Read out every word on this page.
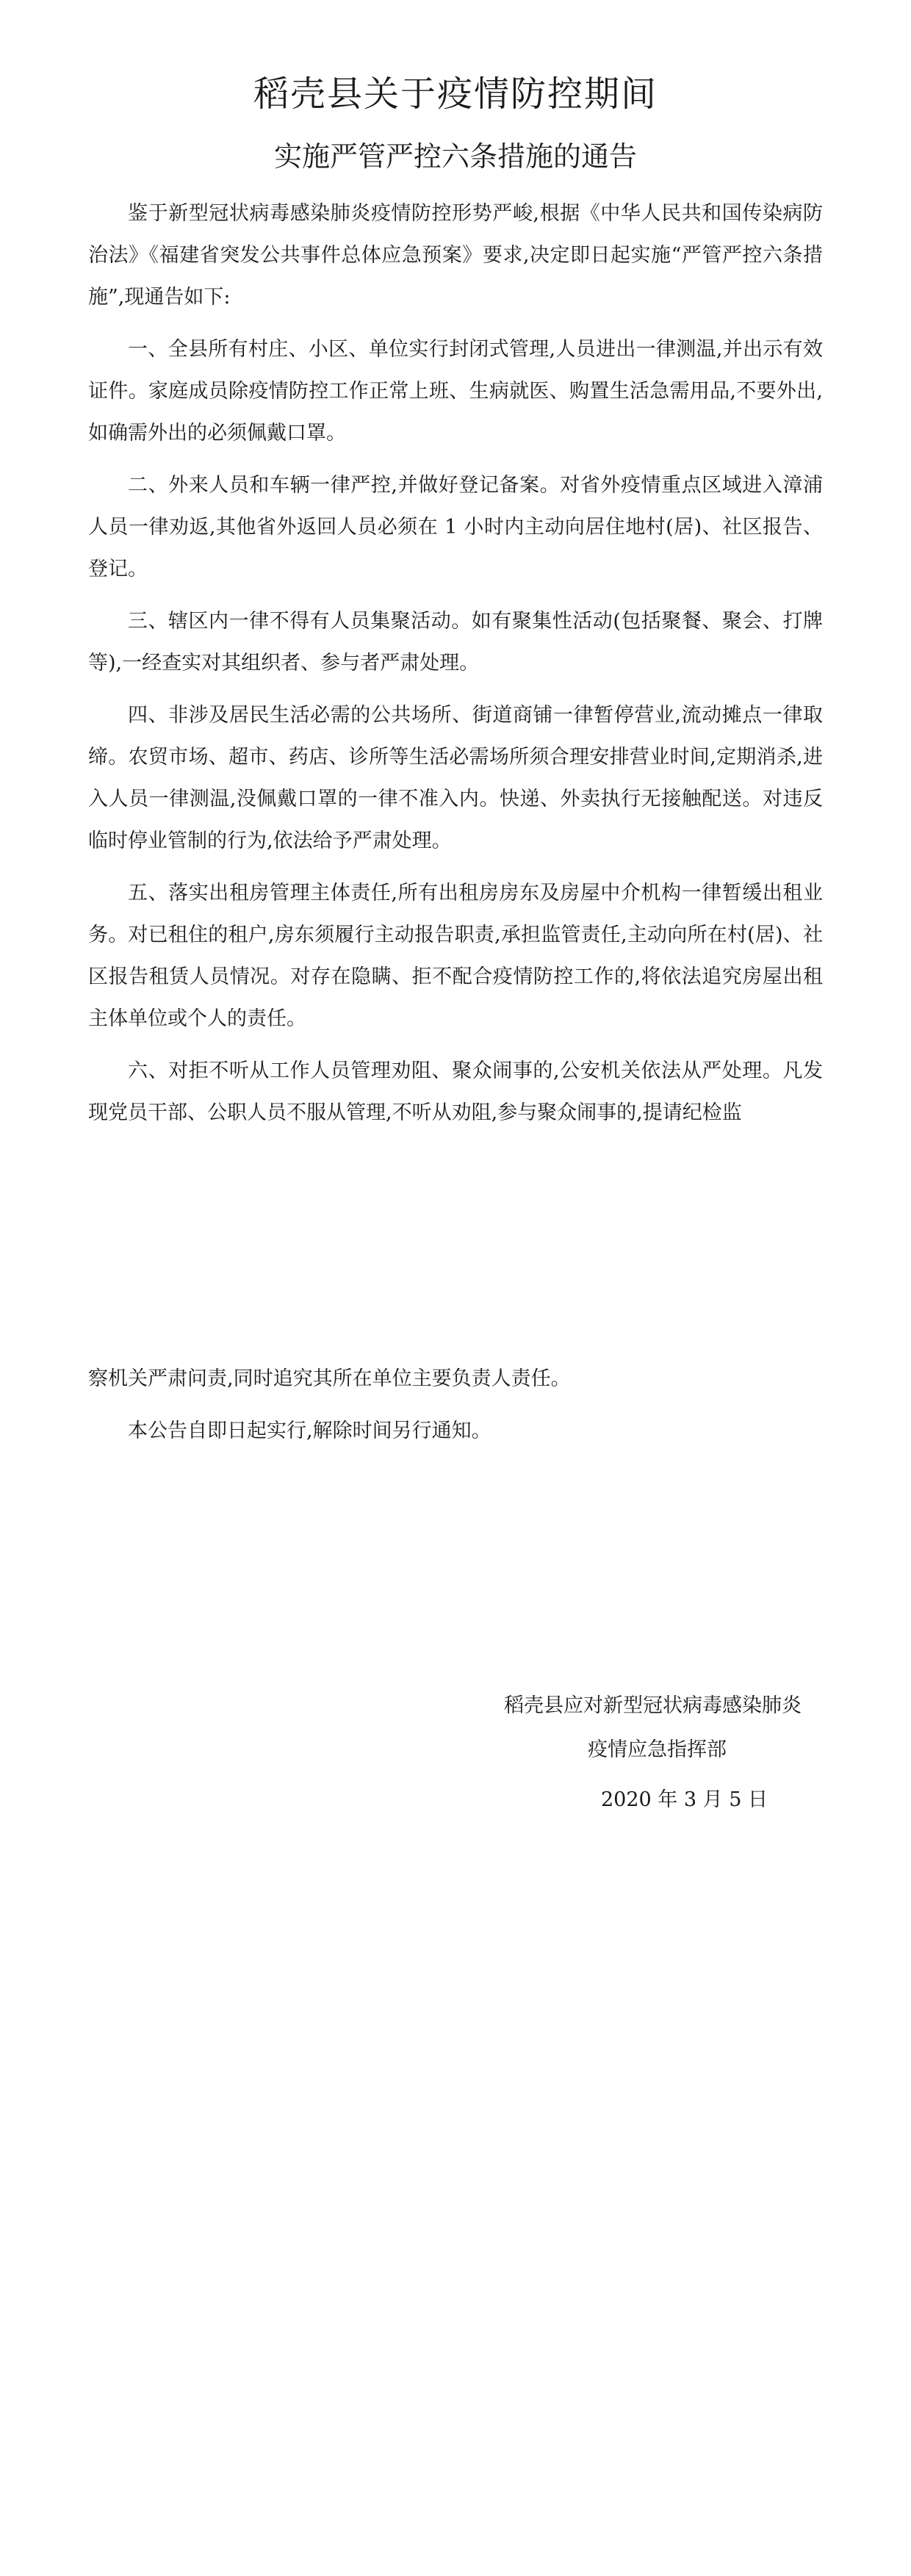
稻壳县关于疫情防控期间
实施严管严控六条措施的通告

鉴于新型冠状病毒感染肺炎疫情防控形势严峻,根据《中华人民共和国传染病防治法》《福建省突发公共事件总体应急预案》要求,决定即日起实施“严管严控六条措施”,现通告如下:

一、全县所有村庄、小区、单位实行封闭式管理,人员进出一律测温,并出示有效证件。家庭成员除疫情防控工作正常上班、生病就医、购置生活急需用品,不要外出,如确需外出的必须佩戴口罩。

二、外来人员和车辆一律严控,并做好登记备案。对省外疫情重点区域进入漳浦人员一律劝返,其他省外返回人员必须在 1 小时内主动向居住地村(居)、社区报告、登记。

三、辖区内一律不得有人员集聚活动。如有聚集性活动(包括聚餐、聚会、打牌等),一经查实对其组织者、参与者严肃处理。

四、非涉及居民生活必需的公共场所、街道商铺一律暂停营业,流动摊点一律取缔。农贸市场、超市、药店、诊所等生活必需场所须合理安排营业时间,定期消杀,进入人员一律测温,没佩戴口罩的一律不准入内。快递、外卖执行无接触配送。对违反临时停业管制的行为,依法给予严肃处理。

五、落实出租房管理主体责任,所有出租房房东及房屋中介机构一律暂缓出租业务。对已租住的租户,房东须履行主动报告职责,承担监管责任,主动向所在村(居)、社区报告租赁人员情况。对存在隐瞒、拒不配合疫情防控工作的,将依法追究房屋出租主体单位或个人的责任。

六、对拒不听从工作人员管理劝阻、聚众闹事的,公安机关依法从严处理。凡发现党员干部、公职人员不服从管理,不听从劝阻,参与聚众闹事的,提请纪检监

察机关严肃问责,同时追究其所在单位主要负责人责任。

本公告自即日起实行,解除时间另行通知。

稻壳县应对新型冠状病毒感染肺炎
疫情应急指挥部
2020 年 3 月 5 日
